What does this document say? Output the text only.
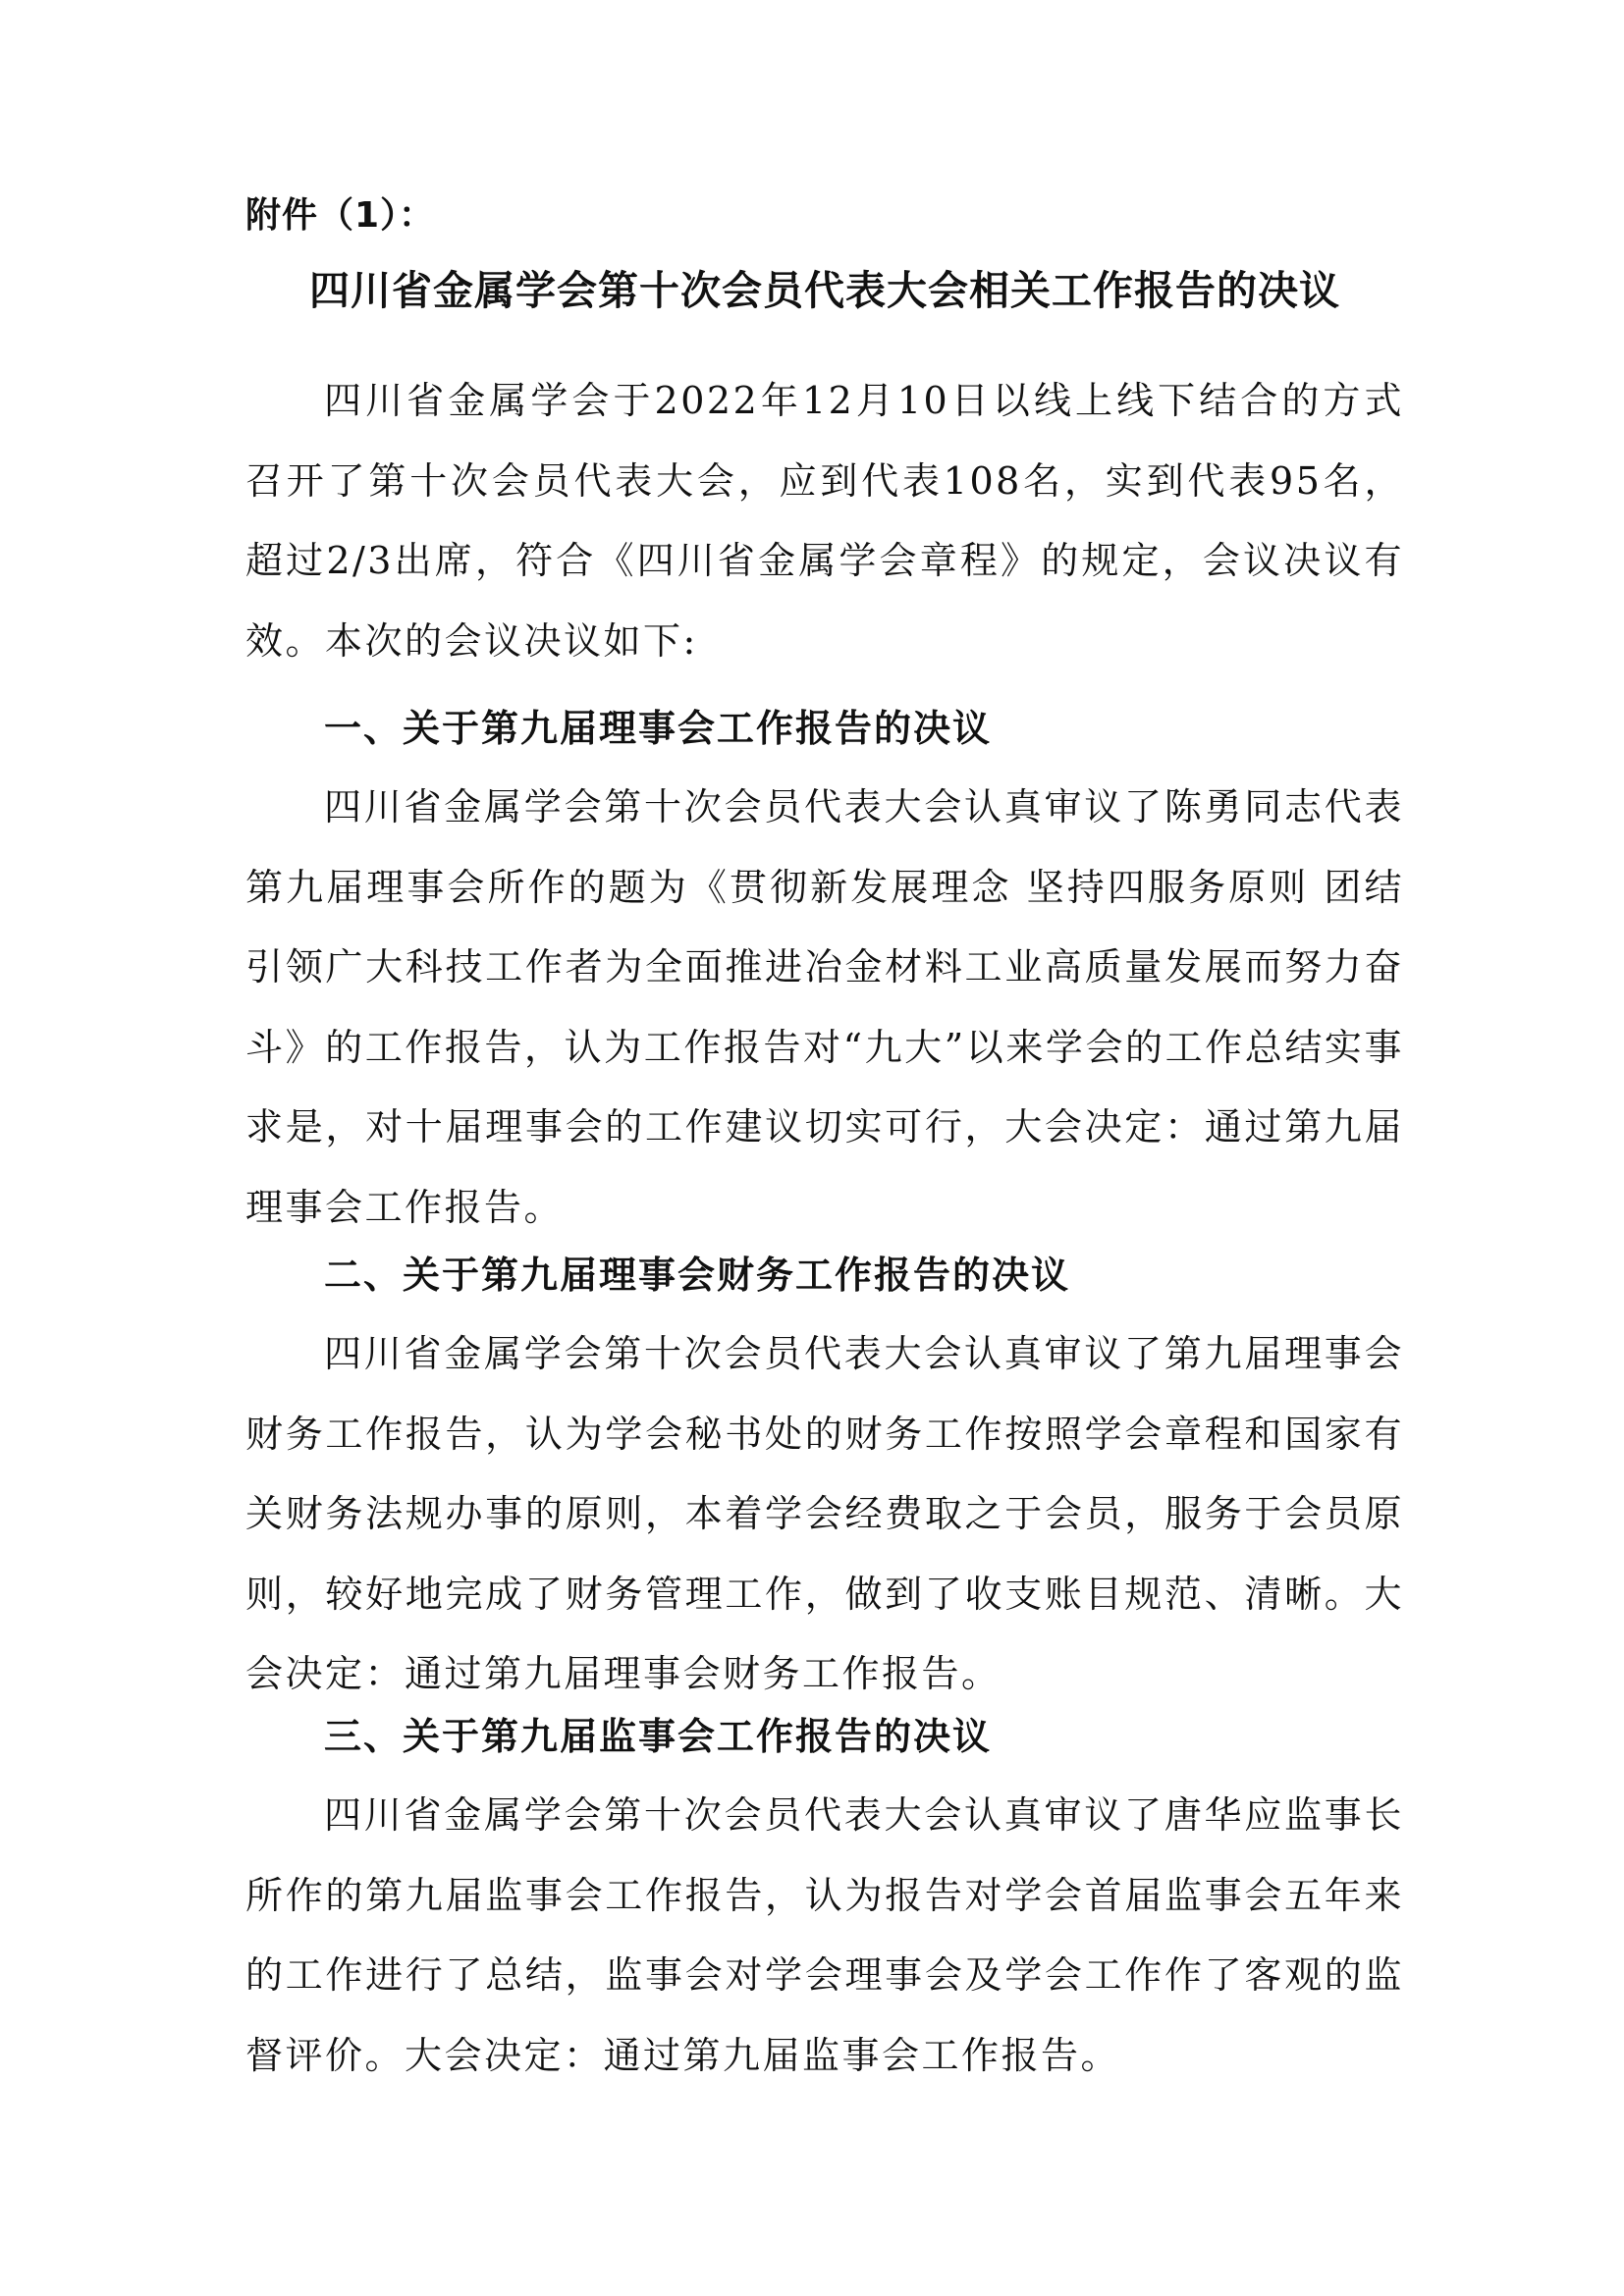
附件（1）：
四川省金属学会第十次会员代表大会相关工作报告的决议

四川省金属学会于2022年12月10日以线上线下结合的方式召开了第十次会员代表大会，应到代表108名，实到代表95名，超过2/3出席，符合《四川省金属学会章程》的规定，会议决议有效。本次的会议决议如下:

一、关于第九届理事会工作报告的决议

四川省金属学会第十次会员代表大会认真审议了陈勇同志代表第九届理事会所作的题为《贯彻新发展理念 坚持四服务原则 团结引领广大科技工作者为全面推进冶金材料工业高质量发展而努力奋斗》的工作报告，认为工作报告对“九大”以来学会的工作总结实事求是，对十届理事会的工作建议切实可行，大会决定：通过第九届理事会工作报告。

二、关于第九届理事会财务工作报告的决议

四川省金属学会第十次会员代表大会认真审议了第九届理事会财务工作报告，认为学会秘书处的财务工作按照学会章程和国家有关财务法规办事的原则，本着学会经费取之于会员，服务于会员原则，较好地完成了财务管理工作，做到了收支账目规范、清晰。大会决定：通过第九届理事会财务工作报告。

三、关于第九届监事会工作报告的决议

四川省金属学会第十次会员代表大会认真审议了唐华应监事长所作的第九届监事会工作报告，认为报告对学会首届监事会五年来的工作进行了总结，监事会对学会理事会及学会工作作了客观的监督评价。大会决定：通过第九届监事会工作报告。
